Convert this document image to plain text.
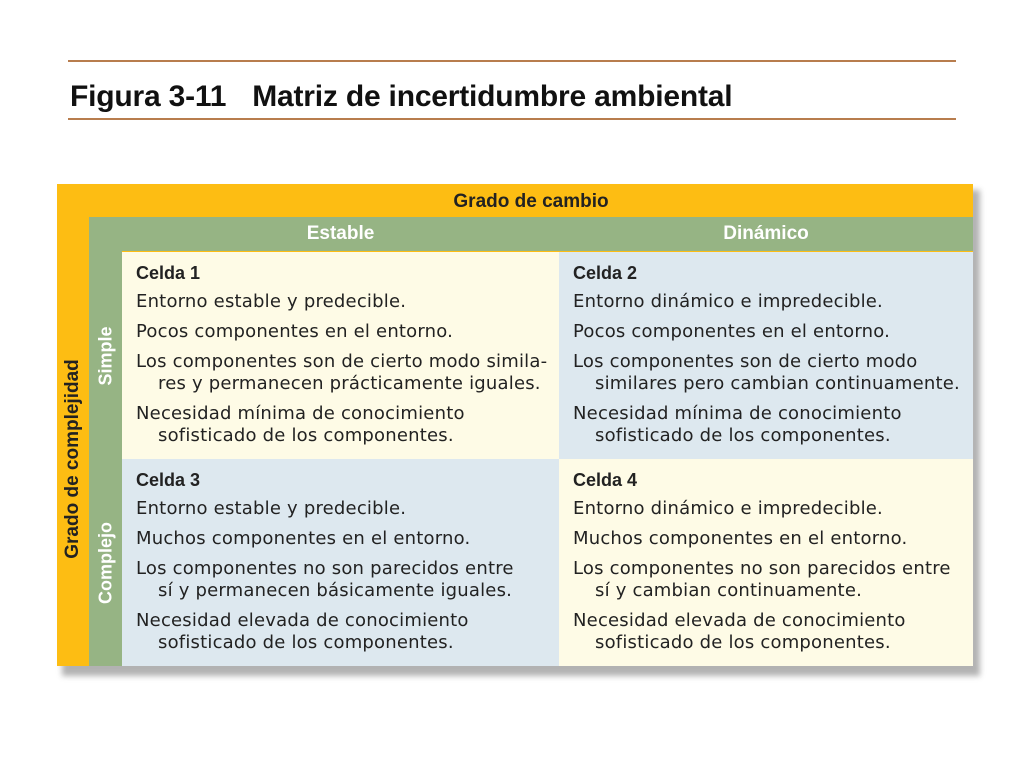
Figura 3-11 Matriz de incertidumbre ambiental
Grado de cambio
Estable	Dinámico
Grado de complejidad
Simple
Complejo
Celda 1
Entorno estable y predecible.
Pocos componentes en el entorno.
Los componentes son de cierto modo simila-
res y permanecen prácticamente iguales.
Necesidad mínima de conocimiento
sofisticado de los componentes.
Celda 2
Entorno dinámico e impredecible.
Pocos componentes en el entorno.
Los componentes son de cierto modo
similares pero cambian continuamente.
Necesidad mínima de conocimiento
sofisticado de los componentes.
Celda 3
Entorno estable y predecible.
Muchos componentes en el entorno.
Los componentes no son parecidos entre
sí y permanecen básicamente iguales.
Necesidad elevada de conocimiento
sofisticado de los componentes.
Celda 4
Entorno dinámico e impredecible.
Muchos componentes en el entorno.
Los componentes no son parecidos entre
sí y cambian continuamente.
Necesidad elevada de conocimiento
sofisticado de los componentes.
